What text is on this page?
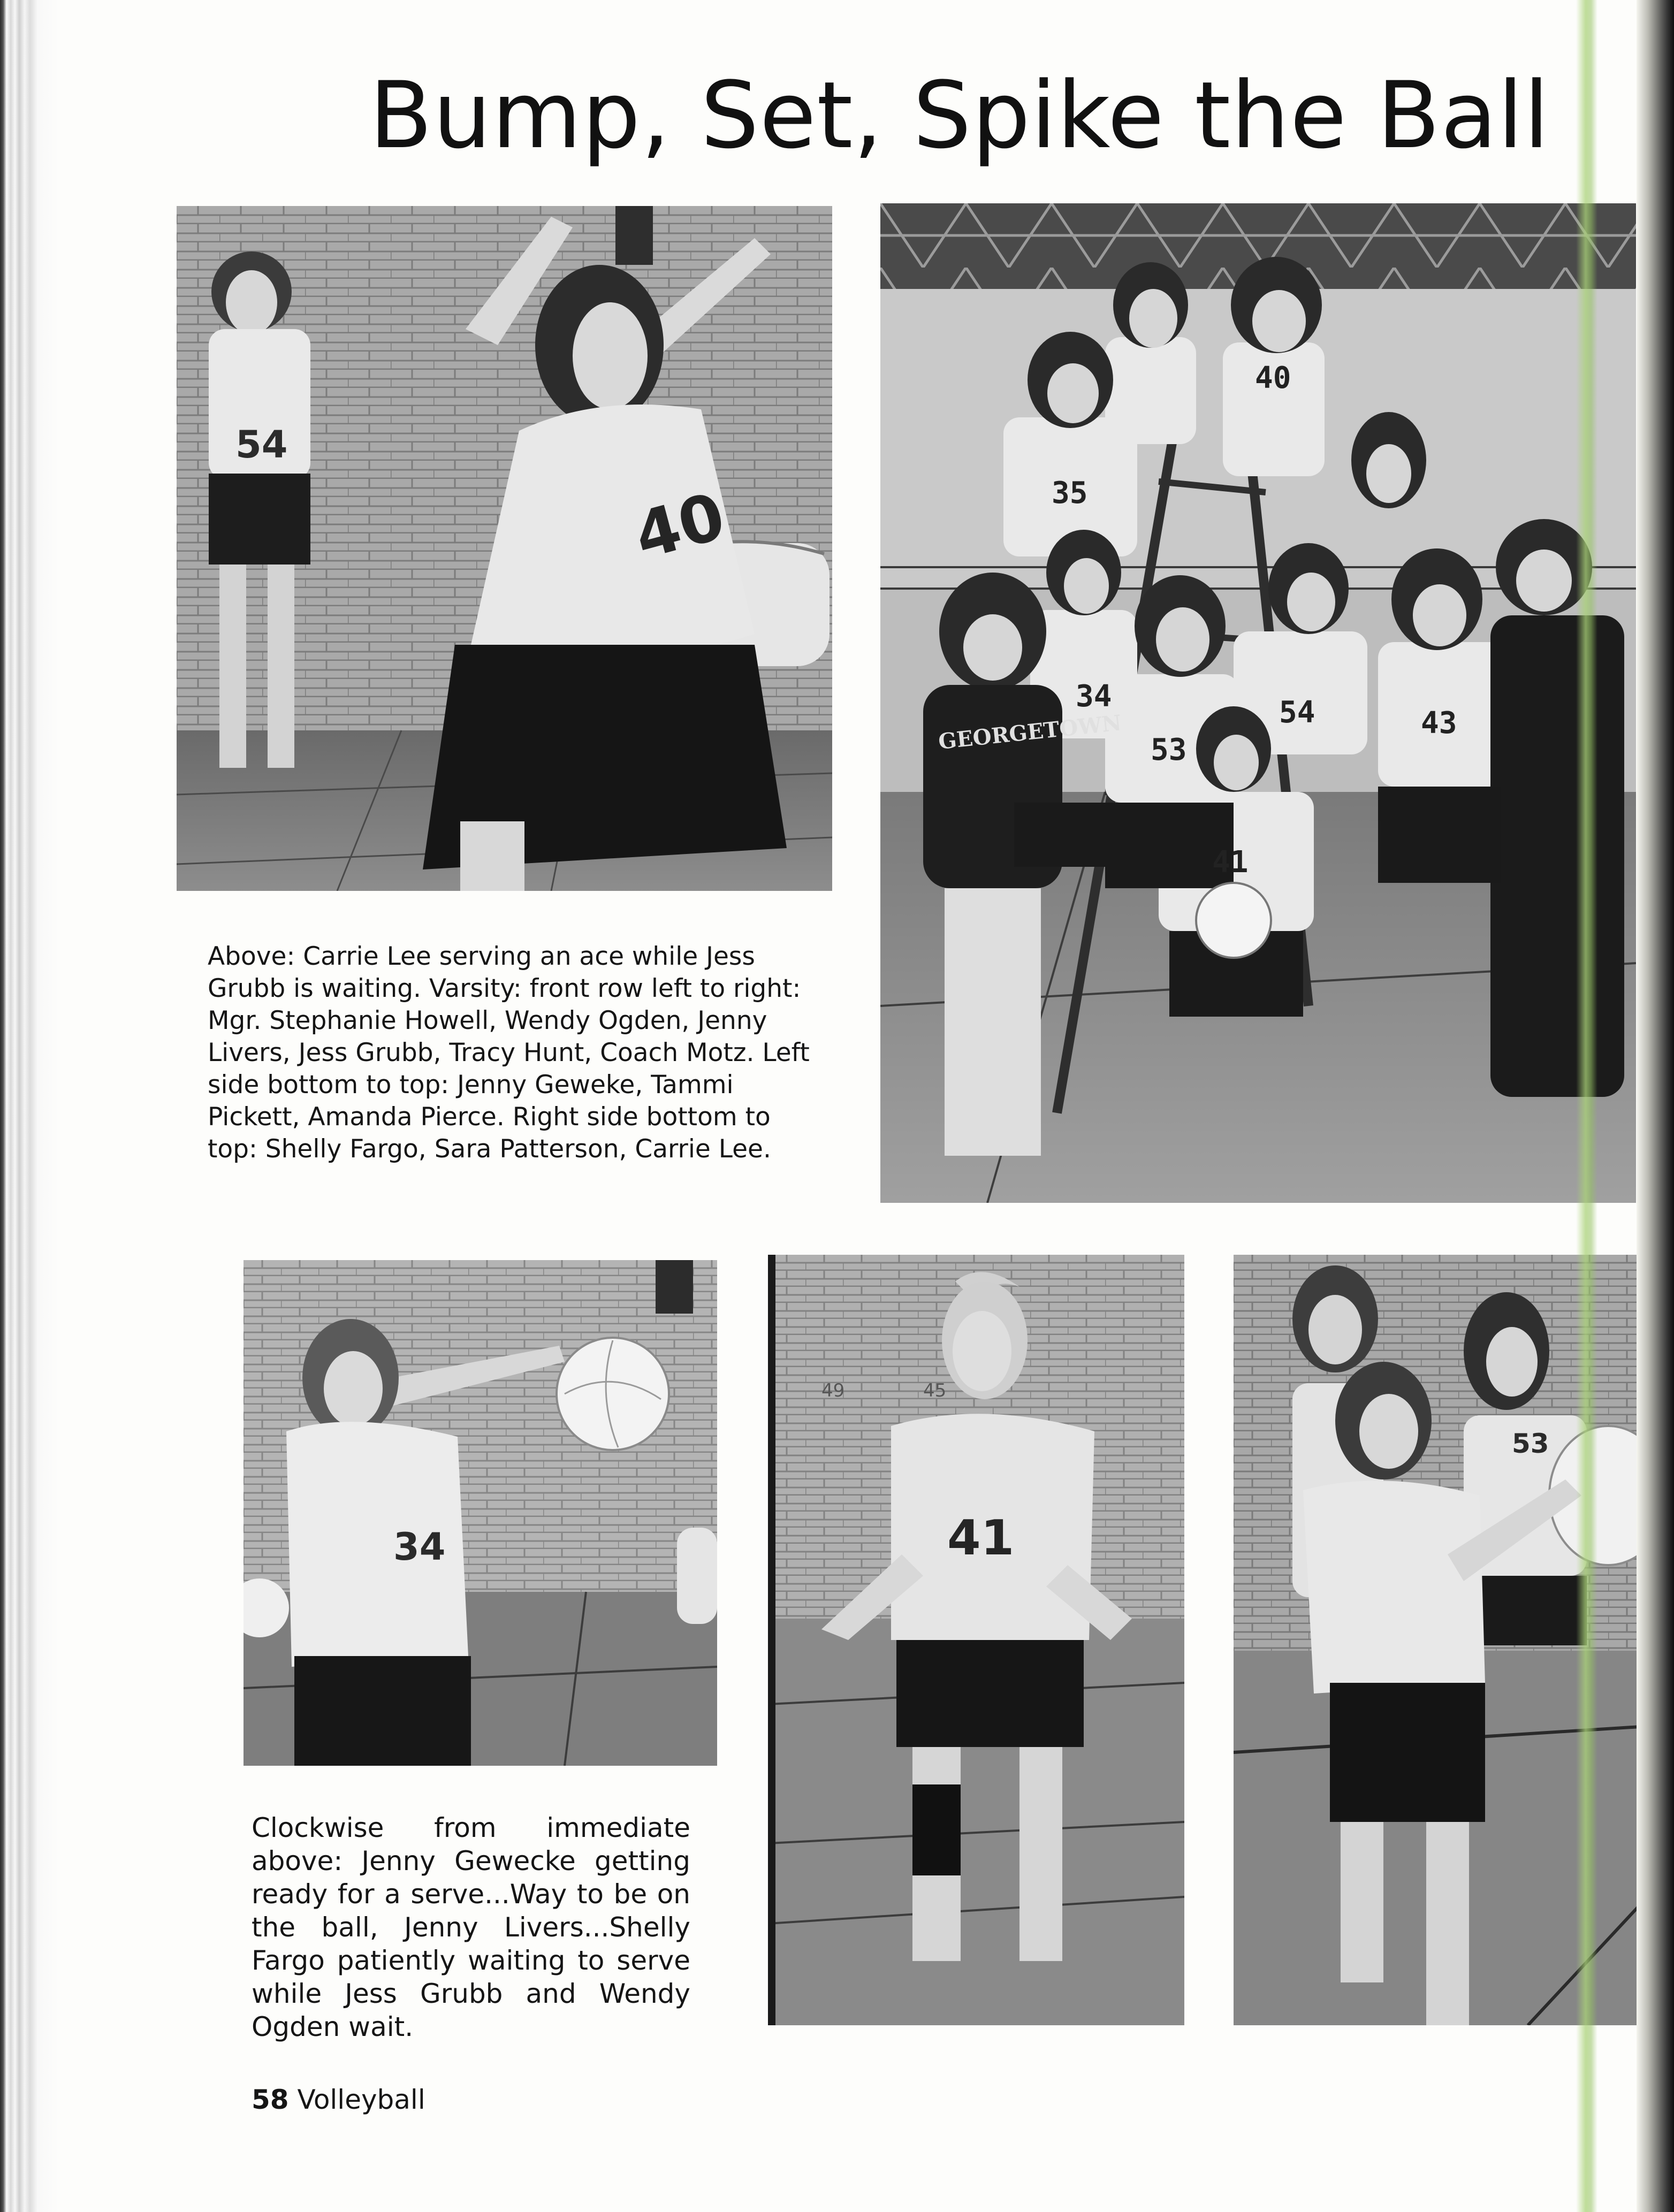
Bump, Set, Spike the Ball
54
40
GEORGETOWN
40
35
34
53
54	43
41
Above: Carrie Lee serving an ace while Jess Grubb is waiting. Varsity: front row left to right: Mgr. Stephanie Howell, Wendy Ogden, Jenny Livers, Jess Grubb, Tracy Hunt, Coach Motz. Left side bottom to top: Jenny Geweke, Tammi Pickett, Amanda Pierce. Right side bottom to top: Shelly Fargo, Sara Patterson, Carrie Lee.
34
49	45
41
53
Clockwise from immediate above: Jenny Gewecke getting ready for a serve...Way to be on the ball, Jenny Livers...Shelly Fargo patiently waiting to serve while Jess Grubb and Wendy Ogden wait.
58 Volleyball
